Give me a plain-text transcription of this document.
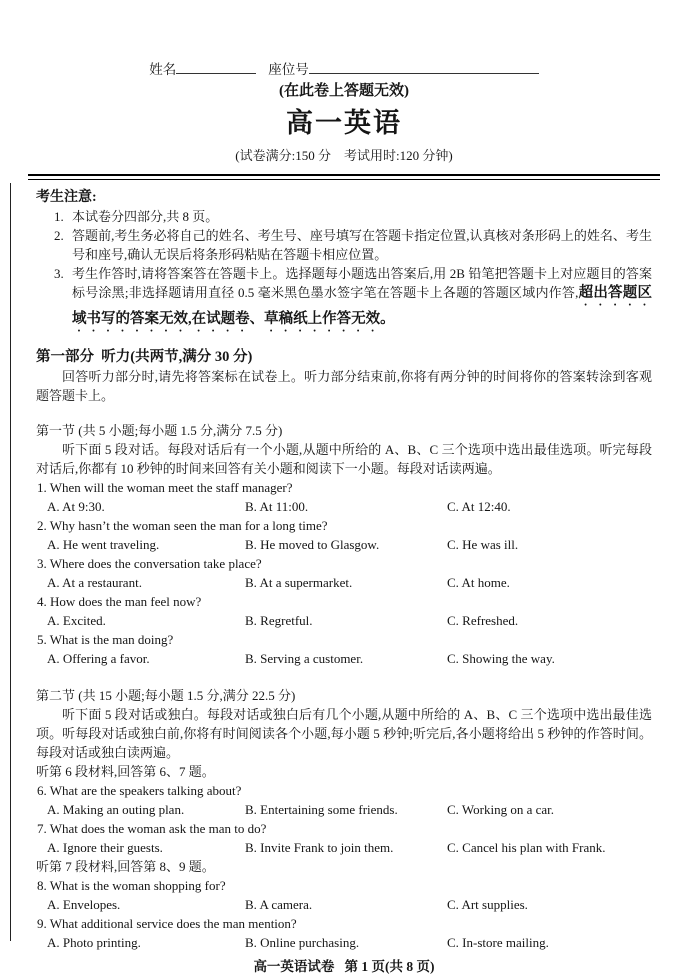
姓名	座位号
(在此卷上答题无效)
高一英语
(试卷满分:150 分    考试用时:120 分钟)
考生注意:
1. 本试卷分四部分,共 8 页。
2. 答题前,考生务必将自己的姓名、考生号、座号填写在答题卡指定位置,认真核对条形码上的姓名、考生号和座号,确认无误后将条形码粘贴在答题卡相应位置。
3. 考生作答时,请将答案答在答题卡上。选择题每小题选出答案后,用 2B 铅笔把答题卡上对应题目的答案标号涂黑;非选择题请用直径 0.5 毫米黑色墨水签字笔在答题卡上各题的答题区域内作答,超出答题区域书写的答案无效,在试题卷、草稿纸上作答无效。
第一部分  听力(共两节,满分 30 分)
回答听力部分时,请先将答案标在试卷上。听力部分结束前,你将有两分钟的时间将你的答案转涂到客观题答题卡上。
第一节 (共 5 小题;每小题 1.5 分,满分 7.5 分)
听下面 5 段对话。每段对话后有一个小题,从题中所给的 A、B、C 三个选项中选出最佳选项。听完每段对话后,你都有 10 秒钟的时间来回答有关小题和阅读下一小题。每段对话读两遍。
1. When will the woman meet the staff manager?
A. At 9:30.	B. At 11:00.	C. At 12:40.
2. Why hasn’t the woman seen the man for a long time?
A. He went traveling.	B. He moved to Glasgow.	C. He was ill.
3. Where does the conversation take place?
A. At a restaurant.	B. At a supermarket.	C. At home.
4. How does the man feel now?
A. Excited.	B. Regretful.	C. Refreshed.
5. What is the man doing?
A. Offering a favor.	B. Serving a customer.	C. Showing the way.
第二节 (共 15 小题;每小题 1.5 分,满分 22.5 分)
听下面 5 段对话或独白。每段对话或独白后有几个小题,从题中所给的 A、B、C 三个选项中选出最佳选项。听每段对话或独白前,你将有时间阅读各个小题,每小题 5 秒钟;听完后,各小题将给出 5 秒钟的作答时间。每段对话或独白读两遍。
听第 6 段材料,回答第 6、7 题。
6. What are the speakers talking about?
A. Making an outing plan.	B. Entertaining some friends.	C. Working on a car.
7. What does the woman ask the man to do?
A. Ignore their guests.	B. Invite Frank to join them.	C. Cancel his plan with Frank.
听第 7 段材料,回答第 8、9 题。
8. What is the woman shopping for?
A. Envelopes.	B. A camera.	C. Art supplies.
9. What additional service does the man mention?
A. Photo printing.	B. Online purchasing.	C. In-store mailing.
高一英语试卷   第 1 页(共 8 页)
